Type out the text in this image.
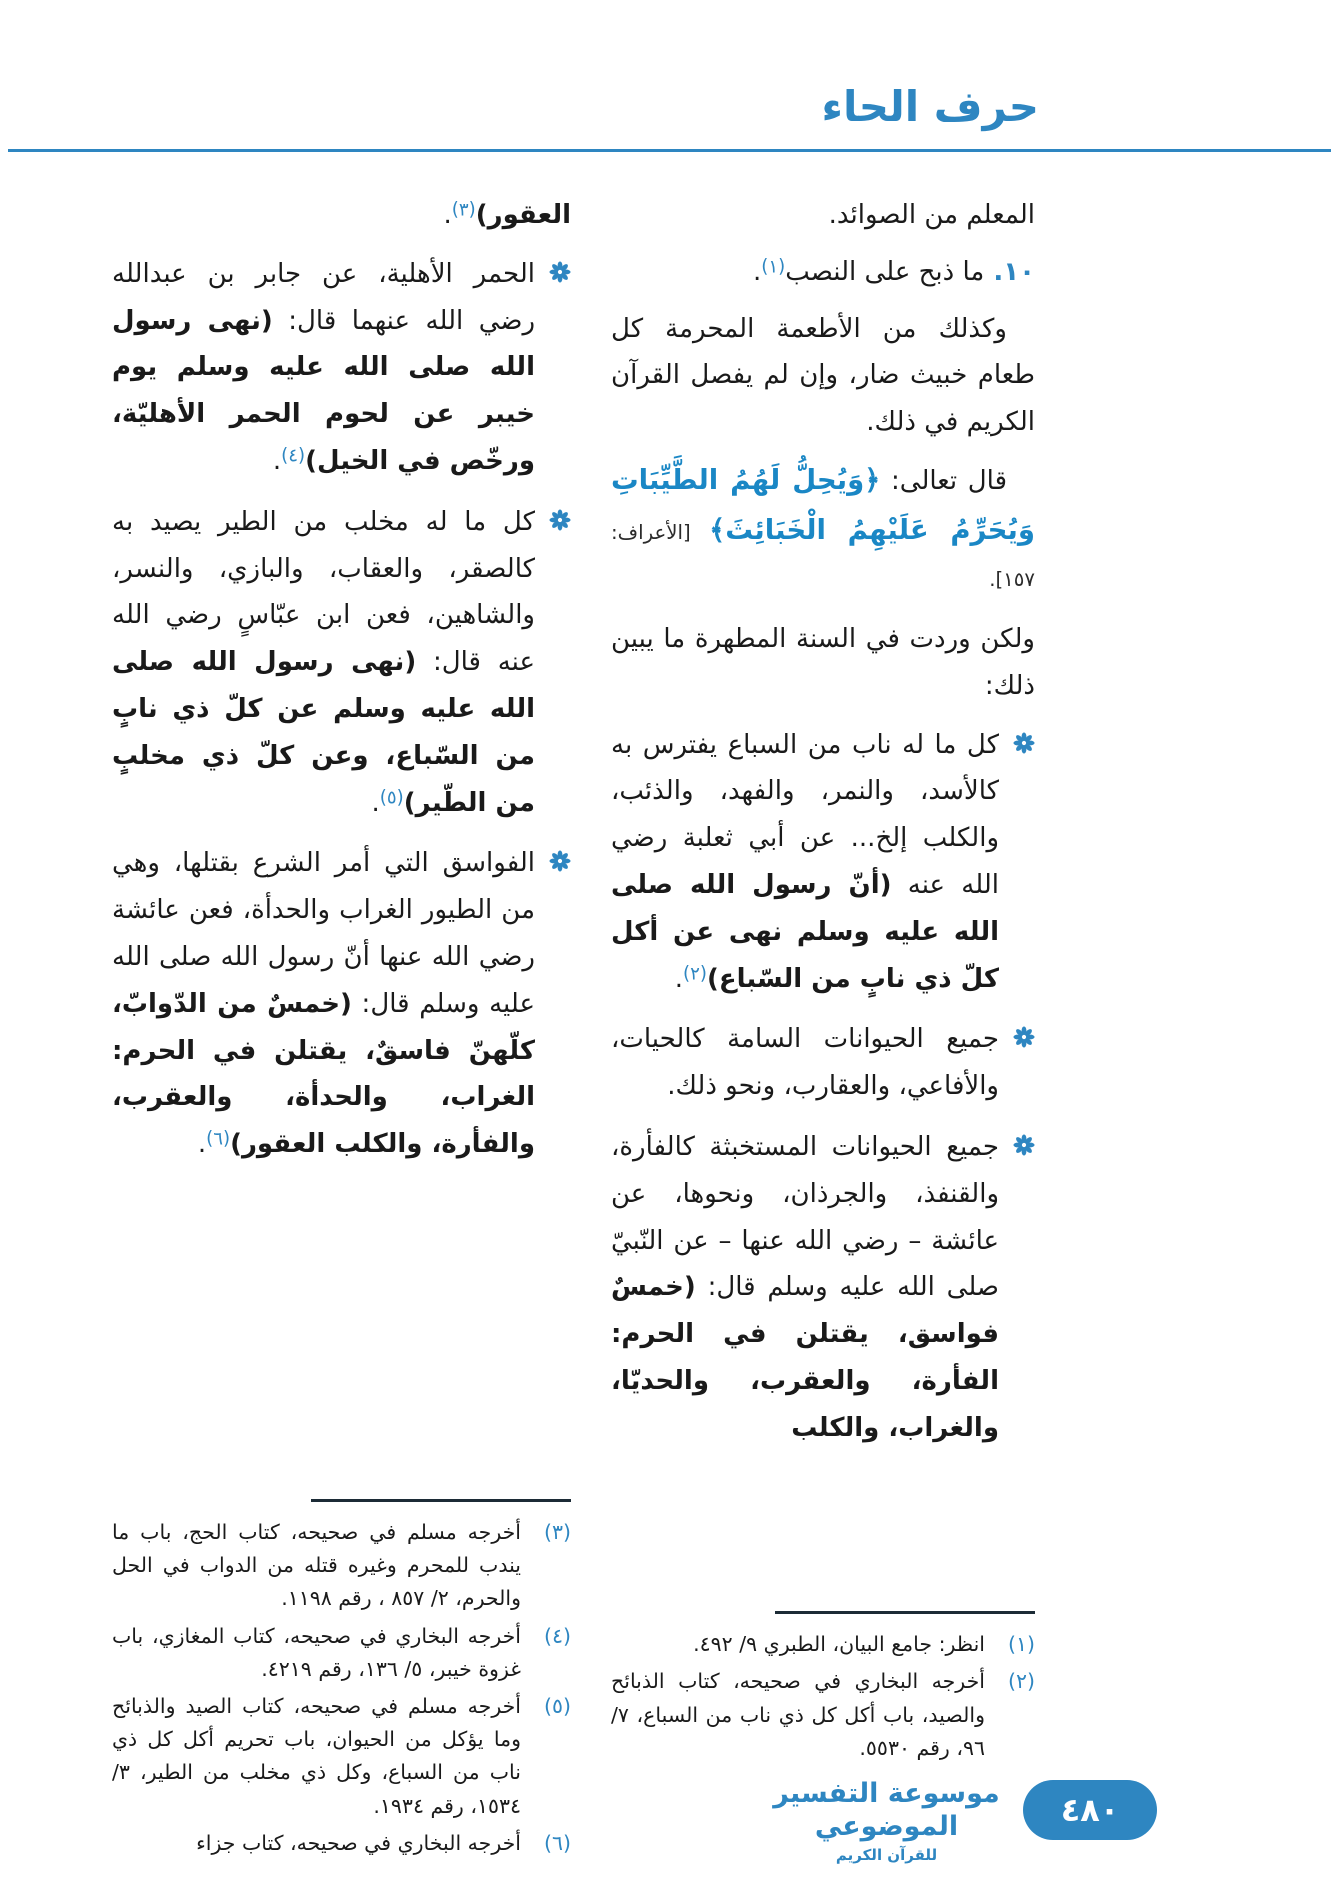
حرف الحاء

المعلم من الصوائد.

١٠. ما ذبح على النصب$^{(١)}$.

وكذلك من الأطعمة المحرمة كل طعام خبيث ضار، وإن لم يفصل القرآن الكريم في ذلك.

قال تعالى: ﴿وَيُحِلُّ لَهُمُ الطَّيِّبَاتِ وَيُحَرِّمُ عَلَيْهِمُ الْخَبَائِثَ﴾ [الأعراف: ١٥٧].

ولكن وردت في السنة المطهرة ما يبين ذلك:

كل ما له ناب من السباع يفترس به كالأسد، والنمر، والفهد، والذئب، والكلب إلخ... عن أبي ثعلبة رضي الله عنه (أنّ رسول الله صلى الله عليه وسلم نهى عن أكل كلّ ذي نابٍ من السّباع)$^{(٢)}$.

جميع الحيوانات السامة كالحيات، والأفاعي، والعقارب، ونحو ذلك.

جميع الحيوانات المستخبثة كالفأرة، والقنفذ، والجرذان، ونحوها، عن عائشة – رضي الله عنها – عن النّبيّ صلى الله عليه وسلم قال: (خمسٌ فواسق، يقتلن في الحرم: الفأرة، والعقرب، والحديّا، والغراب، والكلب

(١)
انظر: جامع البيان، الطبري ٩/ ٤٩٢.
(٢)
أخرجه البخاري في صحيحه، كتاب الذبائح والصيد، باب أكل كل ذي ناب من السباع، ٧/ ٩٦، رقم ٥٥٣٠.

العقور)$^{(٣)}$.

الحمر الأهلية، عن جابر بن عبدالله رضي الله عنهما قال: (نهى رسول الله صلى الله عليه وسلم يوم خيبر عن لحوم الحمر الأهليّة، ورخّص في الخيل)$^{(٤)}$.

كل ما له مخلب من الطير يصيد به كالصقر، والعقاب، والبازي، والنسر، والشاهين، فعن ابن عبّاسٍ رضي الله عنه قال: (نهى رسول الله صلى الله عليه وسلم عن كلّ ذي نابٍ من السّباع، وعن كلّ ذي مخلبٍ من الطّير)$^{(٥)}$.

الفواسق التي أمر الشرع بقتلها، وهي من الطيور الغراب والحدأة، فعن عائشة رضي الله عنها أنّ رسول الله صلى الله عليه وسلم قال: (خمسٌ من الدّوابّ، كلّهنّ فاسقٌ، يقتلن في الحرم: الغراب، والحدأة، والعقرب، والفأرة، والكلب العقور)$^{(٦)}$.

(٣)
أخرجه مسلم في صحيحه، كتاب الحج، باب ما يندب للمحرم وغيره قتله من الدواب في الحل والحرم، ٢/ ٨٥٧ ، رقم ١١٩٨.
(٤)
أخرجه البخاري في صحيحه، كتاب المغازي، باب غزوة خيبر، ٥/ ١٣٦، رقم ٤٢١٩.
(٥)
أخرجه مسلم في صحيحه، كتاب الصيد والذبائح وما يؤكل من الحيوان، باب تحريم أكل كل ذي ناب من السباع، وكل ذي مخلب من الطير، ٣/ ١٥٣٤، رقم ١٩٣٤.
(٦)
أخرجه البخاري في صحيحه، كتاب جزاء
موسوعة التفسير الموضوعي
للقرآن الكريم
٤٨٠
